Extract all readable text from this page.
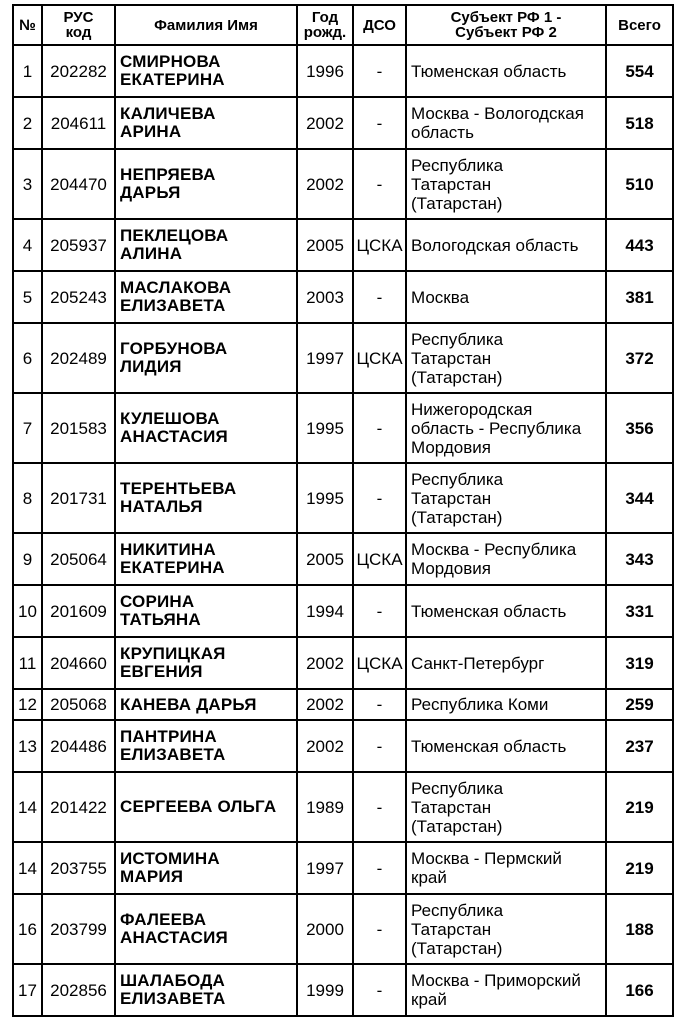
№	РУС
код	Фамилия Имя	Год
рожд.	ДСО	Субъект РФ 1 -
Субъект РФ 2	Всего
1	202282	СМИРНОВА
ЕКАТЕРИНА	1996	-	Тюменская область	554
2	204611	КАЛИЧЕВА
АРИНА	2002	-	Москва - Вологодская
область	518
3	204470	НЕПРЯЕВА
ДАРЬЯ	2002	-	Республика
Татарстан
(Татарстан)	510
4	205937	ПЕКЛЕЦОВА
АЛИНА	2005	ЦСКА	Вологодская область	443
5	205243	МАСЛАКОВА
ЕЛИЗАВЕТА	2003	-	Москва	381
6	202489	ГОРБУНОВА
ЛИДИЯ	1997	ЦСКА	Республика
Татарстан
(Татарстан)	372
7	201583	КУЛЕШОВА
АНАСТАСИЯ	1995	-	Нижегородская
область - Республика
Мордовия	356
8	201731	ТЕРЕНТЬЕВА
НАТАЛЬЯ	1995	-	Республика
Татарстан
(Татарстан)	344
9	205064	НИКИТИНА
ЕКАТЕРИНА	2005	ЦСКА	Москва - Республика
Мордовия	343
10	201609	СОРИНА
ТАТЬЯНА	1994	-	Тюменская область	331
11	204660	КРУПИЦКАЯ
ЕВГЕНИЯ	2002	ЦСКА	Санкт-Петербург	319
12	205068	КАНЕВА ДАРЬЯ	2002	-	Республика Коми	259
13	204486	ПАНТРИНА
ЕЛИЗАВЕТА	2002	-	Тюменская область	237
14	201422	СЕРГЕЕВА ОЛЬГА	1989	-	Республика
Татарстан
(Татарстан)	219
14	203755	ИСТОМИНА
МАРИЯ	1997	-	Москва - Пермский
край	219
16	203799	ФАЛЕЕВА
АНАСТАСИЯ	2000	-	Республика
Татарстан
(Татарстан)	188
17	202856	ШАЛАБОДА
ЕЛИЗАВЕТА	1999	-	Москва - Приморский
край	166
